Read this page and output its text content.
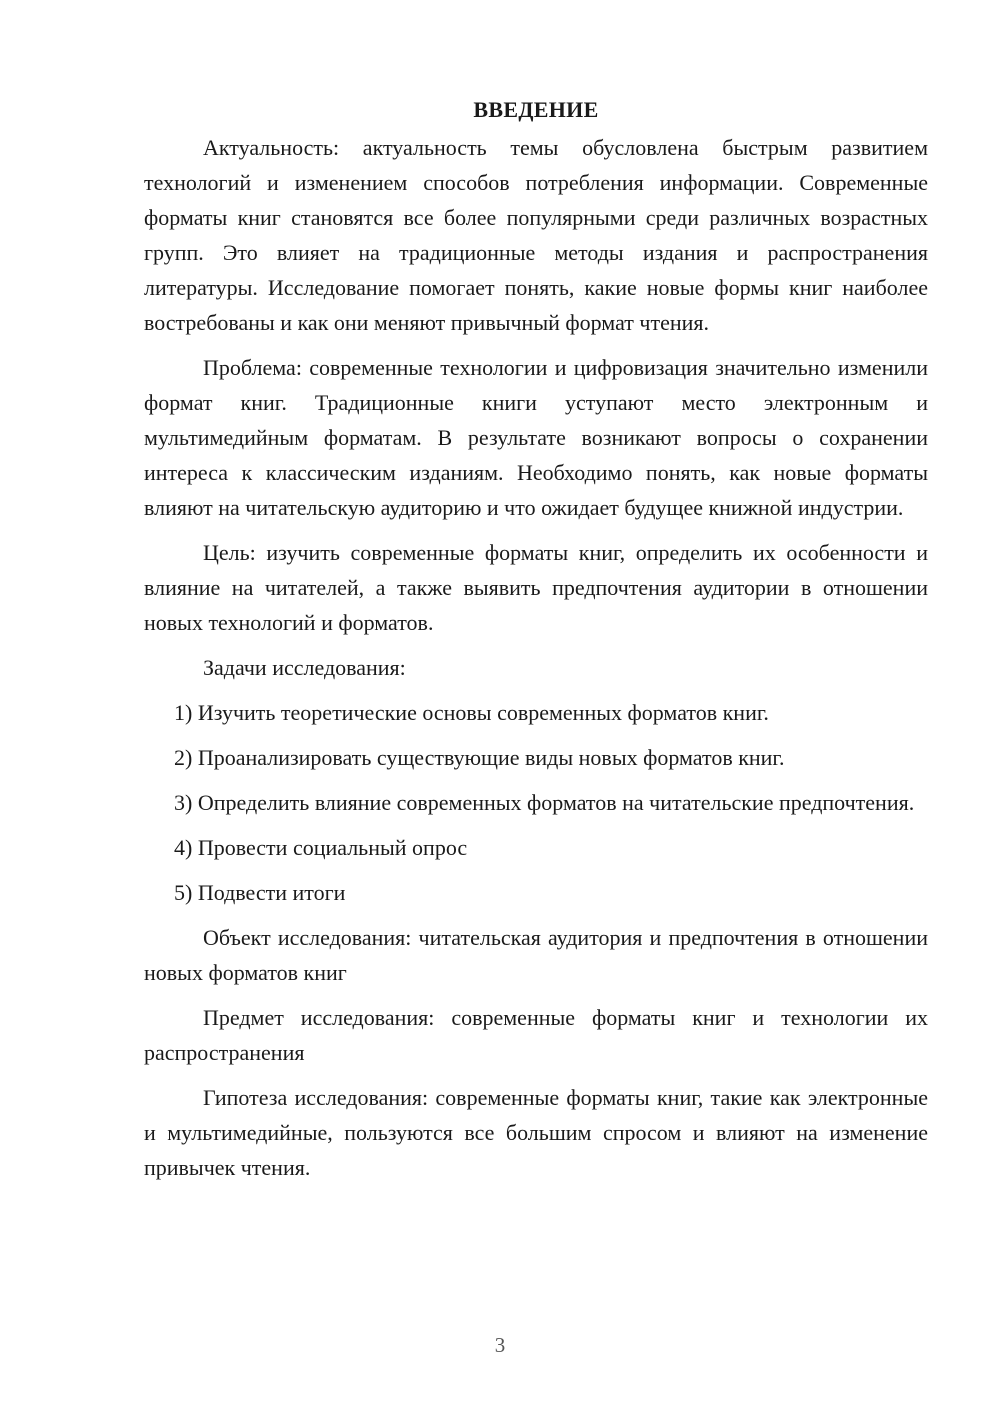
ВВЕДЕНИЕ

Актуальность: актуальность темы обусловлена быстрым развитием технологий и изменением способов потребления информации. Современные форматы книг становятся все более популярными среди различных возрастных групп. Это влияет на традиционные методы издания и распространения литературы. Исследование помогает понять, какие новые формы книг наиболее востребованы и как они меняют привычный формат чтения.

Проблема: современные технологии и цифровизация значительно изменили формат книг. Традиционные книги уступают место электронным и мультимедийным форматам. В результате возникают вопросы о сохранении интереса к классическим изданиям. Необходимо понять, как новые форматы влияют на читательскую аудиторию и что ожидает будущее книжной индустрии.

Цель: изучить современные форматы книг, определить их особенности и влияние на читателей, а также выявить предпочтения аудитории в отношении новых технологий и форматов.

Задачи исследования:

1) Изучить теоретические основы современных форматов книг.

2) Проанализировать существующие виды новых форматов книг.

3) Определить влияние современных форматов на читательские предпочтения.

4) Провести социальный опрос

5) Подвести итоги

Объект исследования: читательская аудитория и предпочтения в отношении новых форматов книг

Предмет исследования: современные форматы книг и технологии их распространения

Гипотеза исследования: современные форматы книг, такие как электронные и мультимедийные, пользуются все большим спросом и влияют на изменение привычек чтения.

3
